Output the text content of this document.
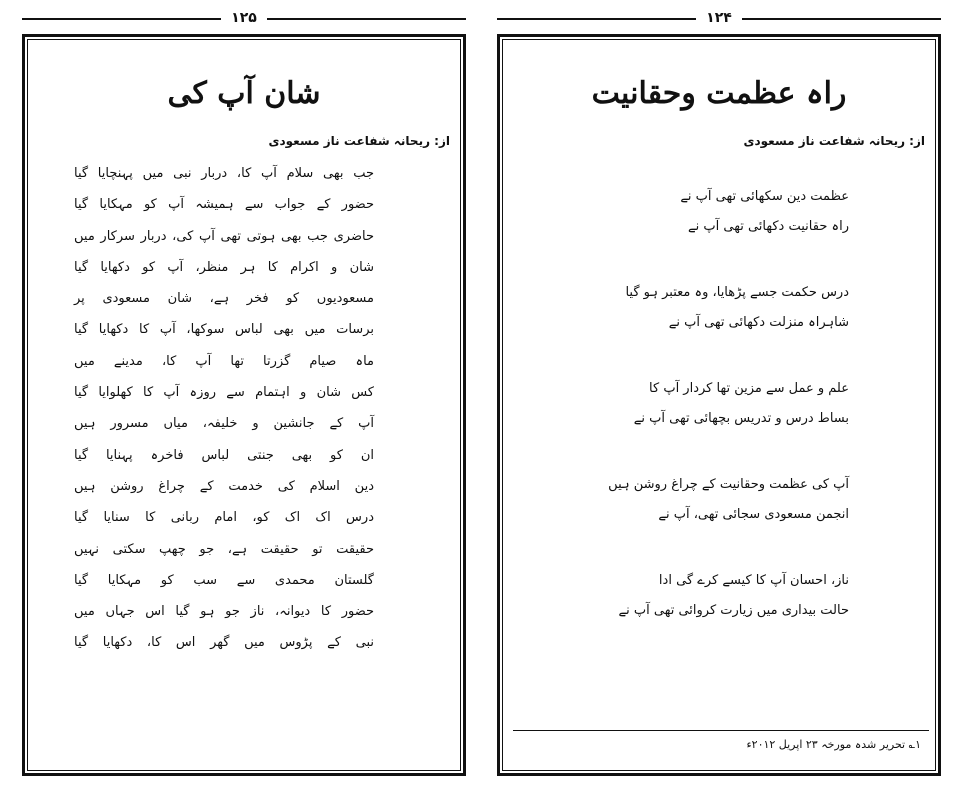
۱۲۵
شان آپ کی
از: ریحانہ شفاعت ناز مسعودی
جب بھی سلام آپ کا، دربار نبی میں پہنچایا گیا
حضور کے جواب سے ہمیشہ آپ کو مہکایا گیا
حاضری جب بھی ہوتی تھی آپ کی، دربار سرکار میں
شان و اکرام کا ہر منظر، آپ کو دکھایا گیا
مسعودیوں کو فخر ہے، شان مسعودی پر
برسات میں بھی لباس سوکھا، آپ کا دکھایا گیا
ماہ صیام گزرتا تھا آپ کا، مدینے میں
کس شان و اہتمام سے روزہ آپ کا کھلوایا گیا
آپ کے جانشین و خلیفہ، میاں مسرور ہیں
ان کو بھی جنتی لباس فاخرہ پہنایا گیا
دین اسلام کی خدمت کے چراغ روشن ہیں
درس اک اک کو، امام ربانی کا سنایا گیا
حقیقت تو حقیقت ہے، جو چھپ سکتی نہیں
گلستان محمدی سے سب کو مہکایا گیا
حضور کا دیوانہ، ناز جو ہو گیا اس جہاں میں
نبی کے پڑوس میں گھر اس کا، دکھایا گیا
۱۲۴
راہ عظمت وحقانیت
از: ریحانہ شفاعت ناز مسعودی
عظمت دین سکھائی تھی آپ نے
راہ حقانیت دکھائی تھی آپ نے
درس حکمت جسے پڑھایا، وہ معتبر ہو گیا
شاہراہ منزلت دکھائی تھی آپ نے
علم و عمل سے مزین تھا کردار آپ کا
بساط درس و تدریس بچھائی تھی آپ نے
آپ کی عظمت وحقانیت کے چراغ روشن ہیں
انجمن مسعودی سجائی تھی، آپ نے
ناز، احسان آپ کا کیسے کرے گی ادا
حالت بیداری میں زیارت کروائی تھی آپ نے
۱؎ تحریر شدہ مورخہ ۲۳ اپریل ۲۰۱۲ء
